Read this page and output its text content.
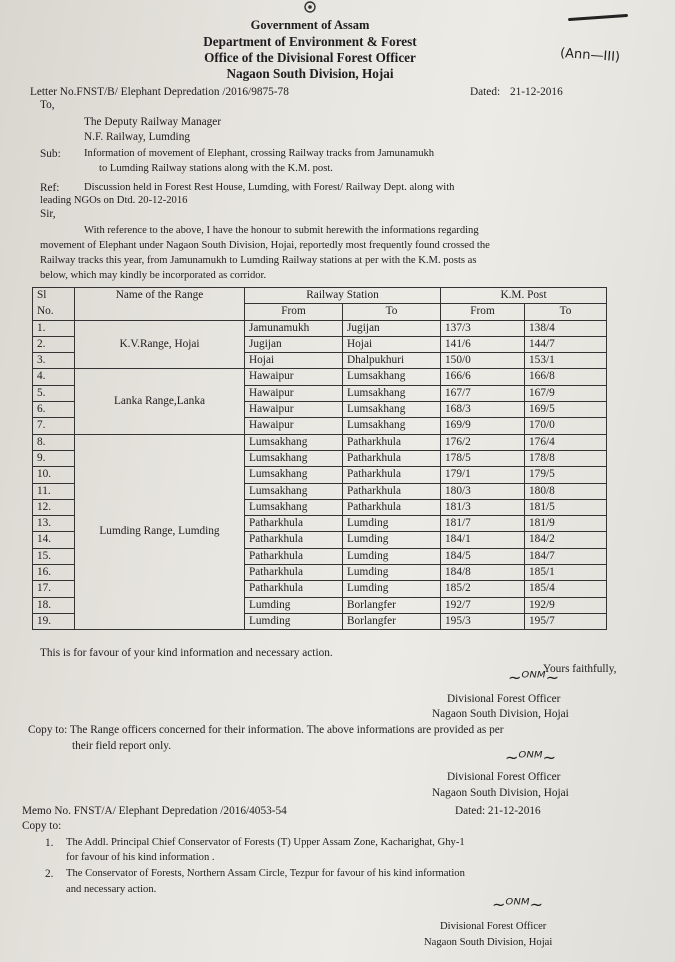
Government of Assam
Department of Environment & Forest
Office of the Divisional Forest Officer
Nagaon South Division, Hojai
(Ann—III)
Letter No.FNST/B/ Elephant Depredation /2016/9875-78	Dated: 21-12-2016
To,
The Deputy Railway Manager
N.F. Railway, Lumding
Sub: Information of movement of Elephant, crossing Railway tracks from Jamunamukh
to Lumding Railway stations along with the K.M. post.
Ref: Discussion held in Forest Rest House, Lumding, with Forest/ Railway Dept. along with
leading NGOs on Dtd. 20-12-2016
Sir,
With reference to the above, I have the honour to submit herewith the informations regarding
movement of Elephant under Nagaon South Division, Hojai, reportedly most frequently found crossed the
Railway tracks this year, from Jamunamukh to Lumding Railway stations at per with the K.M. posts as
below, which may kindly be incorporated as corridor.
Sl	Name of the Range	Railway Station		K.M. Post	
No.		From	To	From	To
1.	K.V.Range, Hojai	Jamunamukh	Jugijan	137/3	138/4
2.		Jugijan	Hojai	141/6	144/7
3.		Hojai	Dhalpukhuri	150/0	153/1
4.	Lanka Range,Lanka	Hawaipur	Lumsakhang	166/6	166/8
5.		Hawaipur	Lumsakhang	167/7	167/9
6.		Hawaipur	Lumsakhang	168/3	169/5
7.		Hawaipur	Lumsakhang	169/9	170/0
8.	Lumding Range, Lumding	Lumsakhang	Patharkhula	176/2	176/4
9.		Lumsakhang	Patharkhula	178/5	178/8
10.		Lumsakhang	Patharkhula	179/1	179/5
11.		Lumsakhang	Patharkhula	180/3	180/8
12.		Lumsakhang	Patharkhula	181/3	181/5
13.		Patharkhula	Lumding	181/7	181/9
14.		Patharkhula	Lumding	184/1	184/2
15.		Patharkhula	Lumding	184/5	184/7
16.		Patharkhula	Lumding	184/8	185/1
17.		Patharkhula	Lumding	185/2	185/4
18.		Lumding	Borlangfer	192/7	192/9
19.		Lumding	Borlangfer	195/3	195/7
This is for favour of your kind information and necessary action.
Yours faithfully,
~ᴼᴺᴹ~
Divisional Forest Officer
Nagaon South Division, Hojai
Copy to: The Range officers concerned for their information. The above informations are provided as per
their field report only.
~ᴼᴺᴹ~
Divisional Forest Officer
Nagaon South Division, Hojai
Memo No. FNST/A/ Elephant Depredation /2016/4053-54	Dated: 21-12-2016
Copy to:
1. The Addl. Principal Chief Conservator of Forests (T) Upper Assam Zone, Kacharighat, Ghy-1
for favour of his kind information .
2. The Conservator of Forests, Northern Assam Circle, Tezpur for favour of his kind information
and necessary action.
~ᴼᴺᴹ~
Divisional Forest Officer
Nagaon South Division, Hojai
